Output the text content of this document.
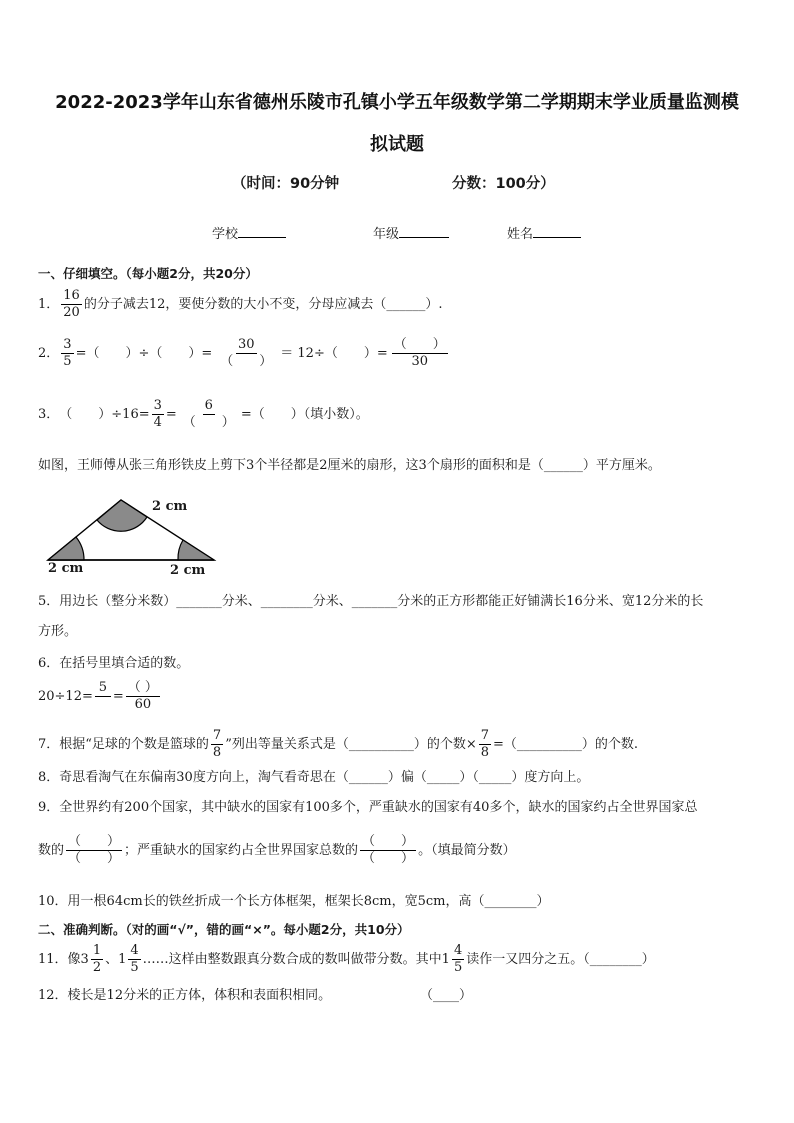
2022-2023学年山东省德州乐陵市孔镇小学五年级数学第二学期期末学业质量监测模
拟试题
（时间：90分钟	分数：100分）
学校	年级	姓名
一、仔细填空。（每小题2分，共20分）
1． $\frac{16}{20}$ 的分子减去12，要使分数的大小不变，分母应减去（______）.
2． $\frac{3}{5}$ =（　　）÷（　　）= $\frac{30}{( )} = 12\div$（　　）= $\frac{( )}{30}$
3． （　　）$\div 16= \frac{3}{4} = \frac{6}{( )}$ =（　　）（填小数）。
如图，王师傅从张三角形铁皮上剪下3个半径都是2厘米的扇形，这3个扇形的面积和是（______）平方厘米。
2 cm
2 cm	2 cm
5．用边长（整分米数）_______分米、________分米、_______分米的正方形都能正好铺满长16分米、宽12分米的长
方形。
6．在括号里填合适的数。
20÷12=
5
= $\frac{( )}{60}$
7．根据“足球的个数是篮球的 $\frac{7}{8}$ ”列出等量关系式是（__________）的个数× $\frac{7}{8}$ =（__________）的个数.
8．奇思看淘气在东偏南30度方向上，淘气看奇思在（______）偏（_____）（_____）度方向上。
9．全世界约有200个国家，其中缺水的国家有100多个，严重缺水的国家有40多个，缺水的国家约占全世界国家总
数的 $\frac{( )}{( )}$ ；严重缺水的国家约占全世界国家总数的 $\frac{( )}{( )}$ 。（填最简分数）
10．用一根64cm长的铁丝折成一个长方体框架，框架长8cm，宽5cm，高（________）
二、准确判断。（对的画“√”，错的画“×”。每小题2分，共10分）
11．像$3 \frac{1}{2}$ 、$1 \frac{4}{5}$ ……这样由整数跟真分数合成的数叫做带分数。其中$1 \frac{4}{5}$ 读作一又四分之五。（________）
12．棱长是12分米的正方体，体积和表面积相同。	（____）
